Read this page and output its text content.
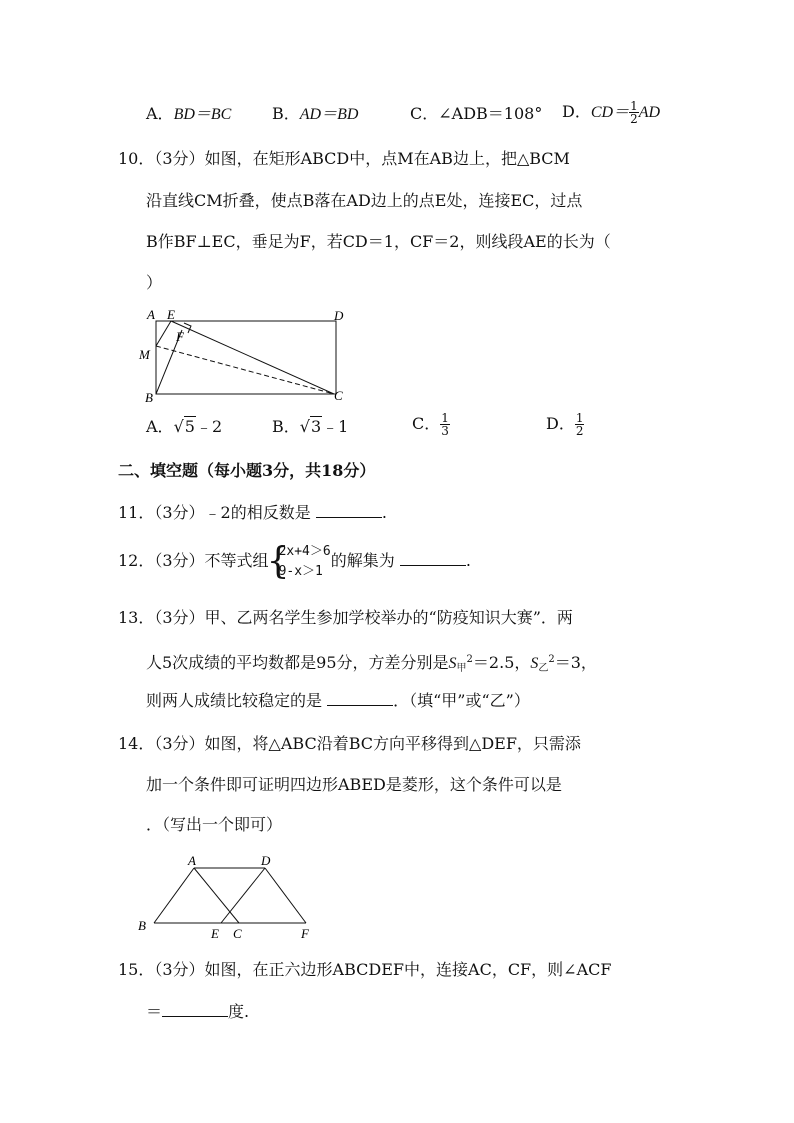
A．BD＝BC	B．AD＝BD	C．∠ADB＝108° D．$CD= \frac{1}{2}$ AD
10．（3分）如图，在矩形ABCD中，点M在AB边上，把△BCM
沿直线CM折叠，使点B落在AD边上的点E处，连接EC，过点
B作BF⊥EC，垂足为F，若CD＝1，CF＝2，则线段AE的长为（
）
A E	D
F
M
B	C
A．√5﹣2	B．√3﹣1	C． $\frac{1}{3}$	D． $\frac{1}{2}$
二、填空题（每小题3分，共18分）
11．（3分）﹣2的相反数是	.
12．（3分）不等式组
{ 2x+4＞6
9-x＞1
的解集为	.
13．（3分）甲、乙两名学生参加学校举办的“防疫知识大赛”．两
人5次成绩的平均数都是95分，方差分别是$S_甲^2=2.5$，$S_乙^2=3$，
则两人成绩比较稳定的是	．（填“甲”或“乙”）
14．（3分）如图，将△ABC沿着BC方向平移得到△DEF，只需添
加一个条件即可证明四边形ABED是菱形，这个条件可以是
．（写出一个即可）
A	D
B
E C	F
15．（3分）如图，在正六边形ABCDEF中，连接AC，CF，则∠ACF
＝	度.
